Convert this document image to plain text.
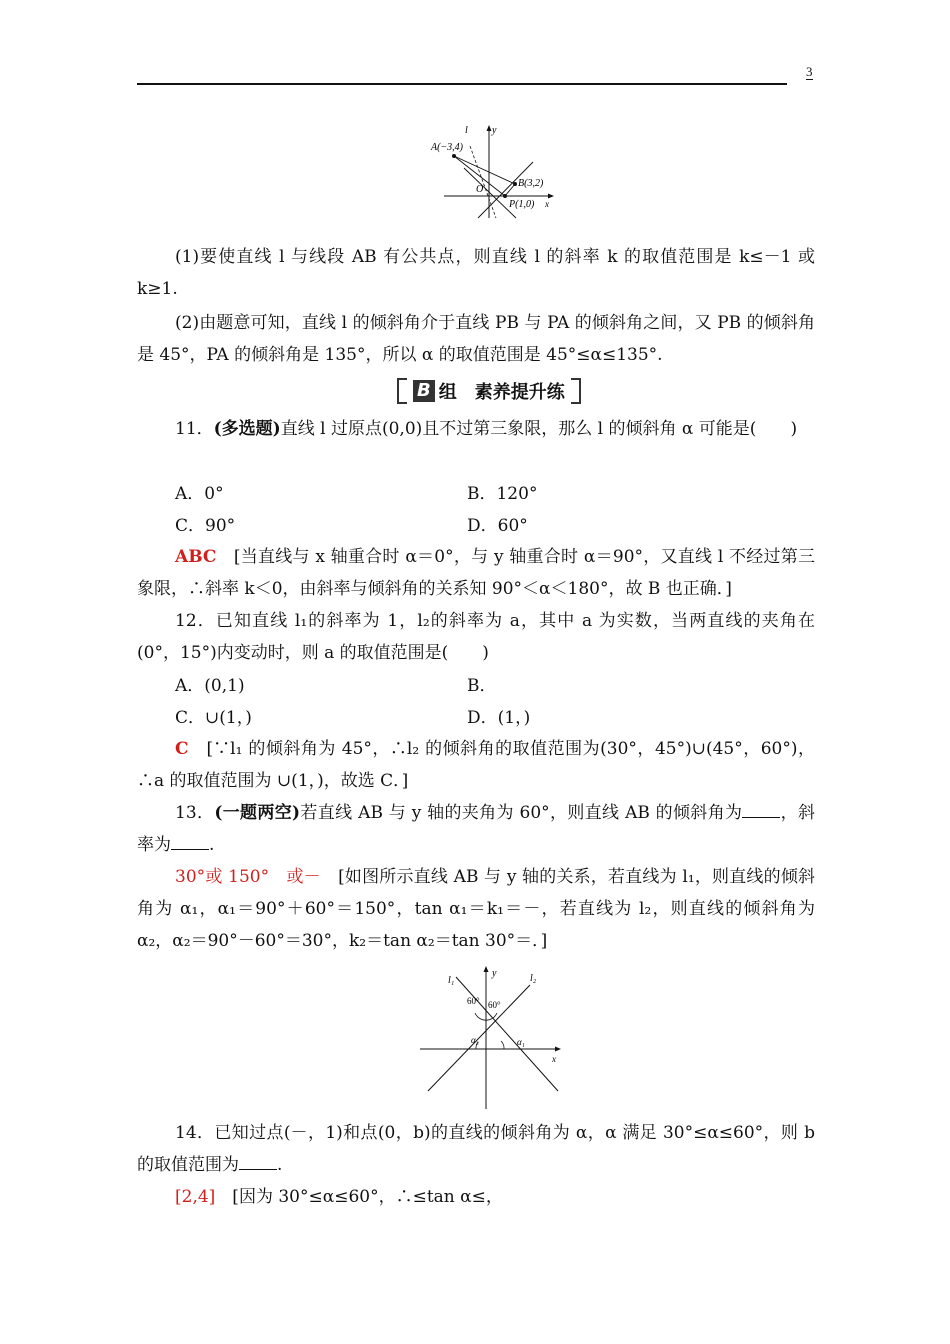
3
l y
A(−3,4)
O
B(3,2)
P(1,0) x
(1)要使直线 l 与线段 AB 有公共点，则直线 l 的斜率 k 的取值范围是 k≤－1 或 k≥1.
(2)由题意可知，直线 l 的倾斜角介于直线 PB 与 PA 的倾斜角之间，又 PB 的倾斜角是 45°，PA 的倾斜角是 135°，所以 α 的取值范围是 45°≤α≤135°.
B 组　素养提升练
11．(多选题)直线 l 过原点(0,0)且不过第三象限，那么 l 的倾斜角 α 可能是(　　)
A．0°	B．120°
C．90°	D．60°
ABC　[当直线与 x 轴重合时 α＝0°，与 y 轴重合时 α＝90°，又直线 l 不经过第三象限，∴斜率 k＜0，由斜率与倾斜角的关系知 90°＜α＜180°，故 B 也正确．]
12．已知直线 l₁的斜率为 1，l₂的斜率为 a，其中 a 为实数，当两直线的夹角在(0°，15°)内变动时，则 a 的取值范围是(　　)
A．(0,1)	B．
C．∪(1，)	D．(1，)
C　[∵l₁ 的倾斜角为 45°，∴l₂ 的倾斜角的取值范围为(30°，45°)∪(45°，60°)，∴a 的取值范围为 ∪(1，)，故选 C．]
13．(一题两空)若直线 AB 与 y 轴的夹角为 60°，则直线 AB 的倾斜角为 ，斜率为 .
30°或 150°　或－　[如图所示直线 AB 与 y 轴的关系，若直线为 l₁，则直线的倾斜角为 α₁，α₁＝90°＋60°＝150°，tan α₁＝k₁＝－，若直线为 l₂，则直线的倾斜角为 α₂，α₂＝90°－60°＝30°，k₂＝tan α₂＝tan 30°＝．]
l₁
y	l₂
60° 60°
α₂	α₁
x
14．已知过点(－，1)和点(0，b)的直线的倾斜角为 α，α 满足 30°≤α≤60°，则 b 的取值范围为 .
[2,4]　[因为 30°≤α≤60°，∴≤tan α≤，
